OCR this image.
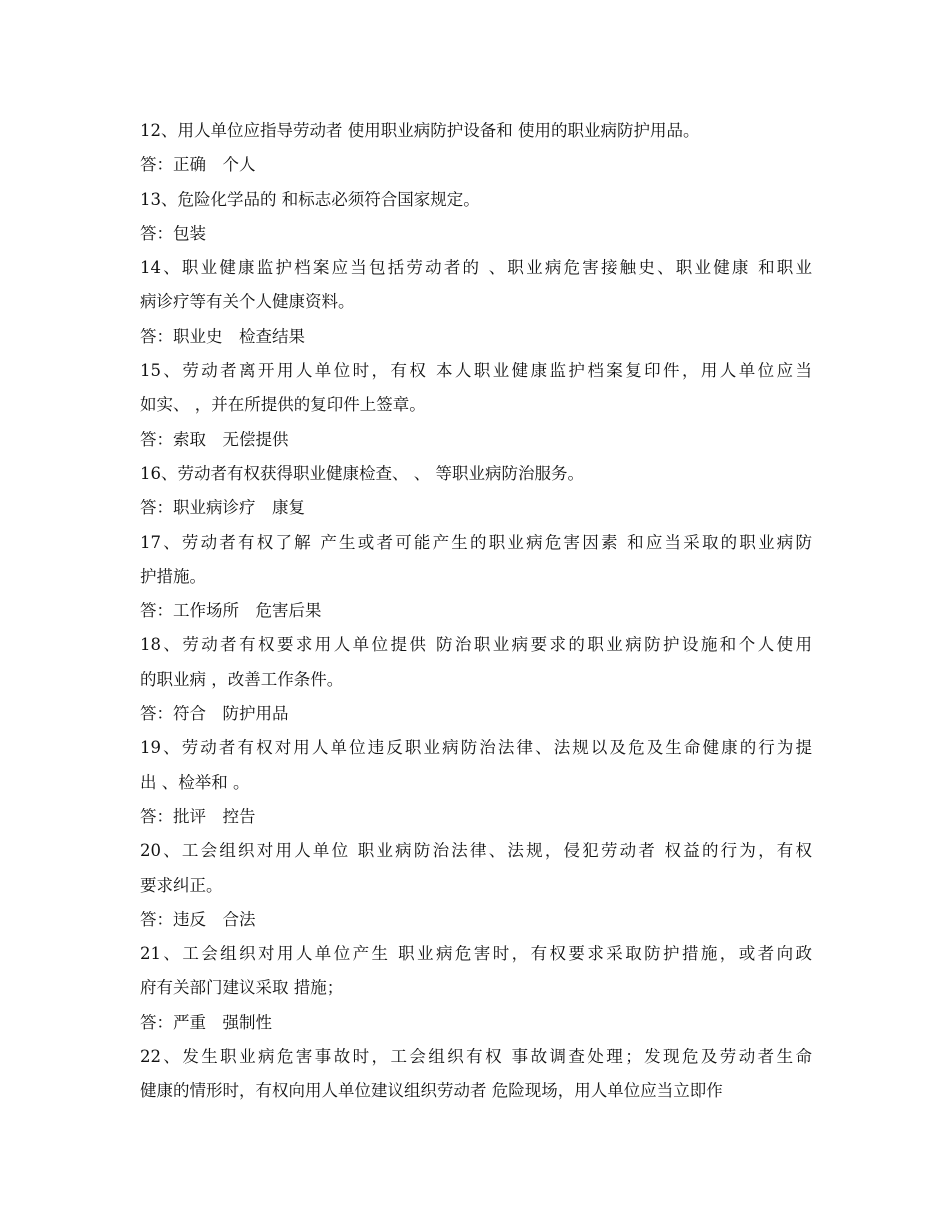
12、用人单位应指导劳动者 使用职业病防护设备和 使用的职业病防护用品。
答：正确　个人
13、危险化学品的 和标志必须符合国家规定。
答：包装
14、职业健康监护档案应当包括劳动者的 、职业病危害接触史、职业健康 和职业
病诊疗等有关个人健康资料。
答：职业史　检查结果
15、劳动者离开用人单位时，有权 本人职业健康监护档案复印件，用人单位应当
如实、 ，并在所提供的复印件上签章。
答：索取　无偿提供
16、劳动者有权获得职业健康检查、 、 等职业病防治服务。
答：职业病诊疗　康复
17、劳动者有权了解 产生或者可能产生的职业病危害因素 和应当采取的职业病防
护措施。
答：工作场所　危害后果
18、劳动者有权要求用人单位提供 防治职业病要求的职业病防护设施和个人使用
的职业病 ，改善工作条件。
答：符合　防护用品
19、劳动者有权对用人单位违反职业病防治法律、法规以及危及生命健康的行为提
出 、检举和 。
答：批评　控告
20、工会组织对用人单位 职业病防治法律、法规，侵犯劳动者 权益的行为，有权
要求纠正。
答：违反　合法
21、工会组织对用人单位产生 职业病危害时，有权要求采取防护措施，或者向政
府有关部门建议采取 措施；
答：严重　强制性
22、发生职业病危害事故时，工会组织有权 事故调查处理；发现危及劳动者生命
健康的情形时，有权向用人单位建议组织劳动者 危险现场，用人单位应当立即作
